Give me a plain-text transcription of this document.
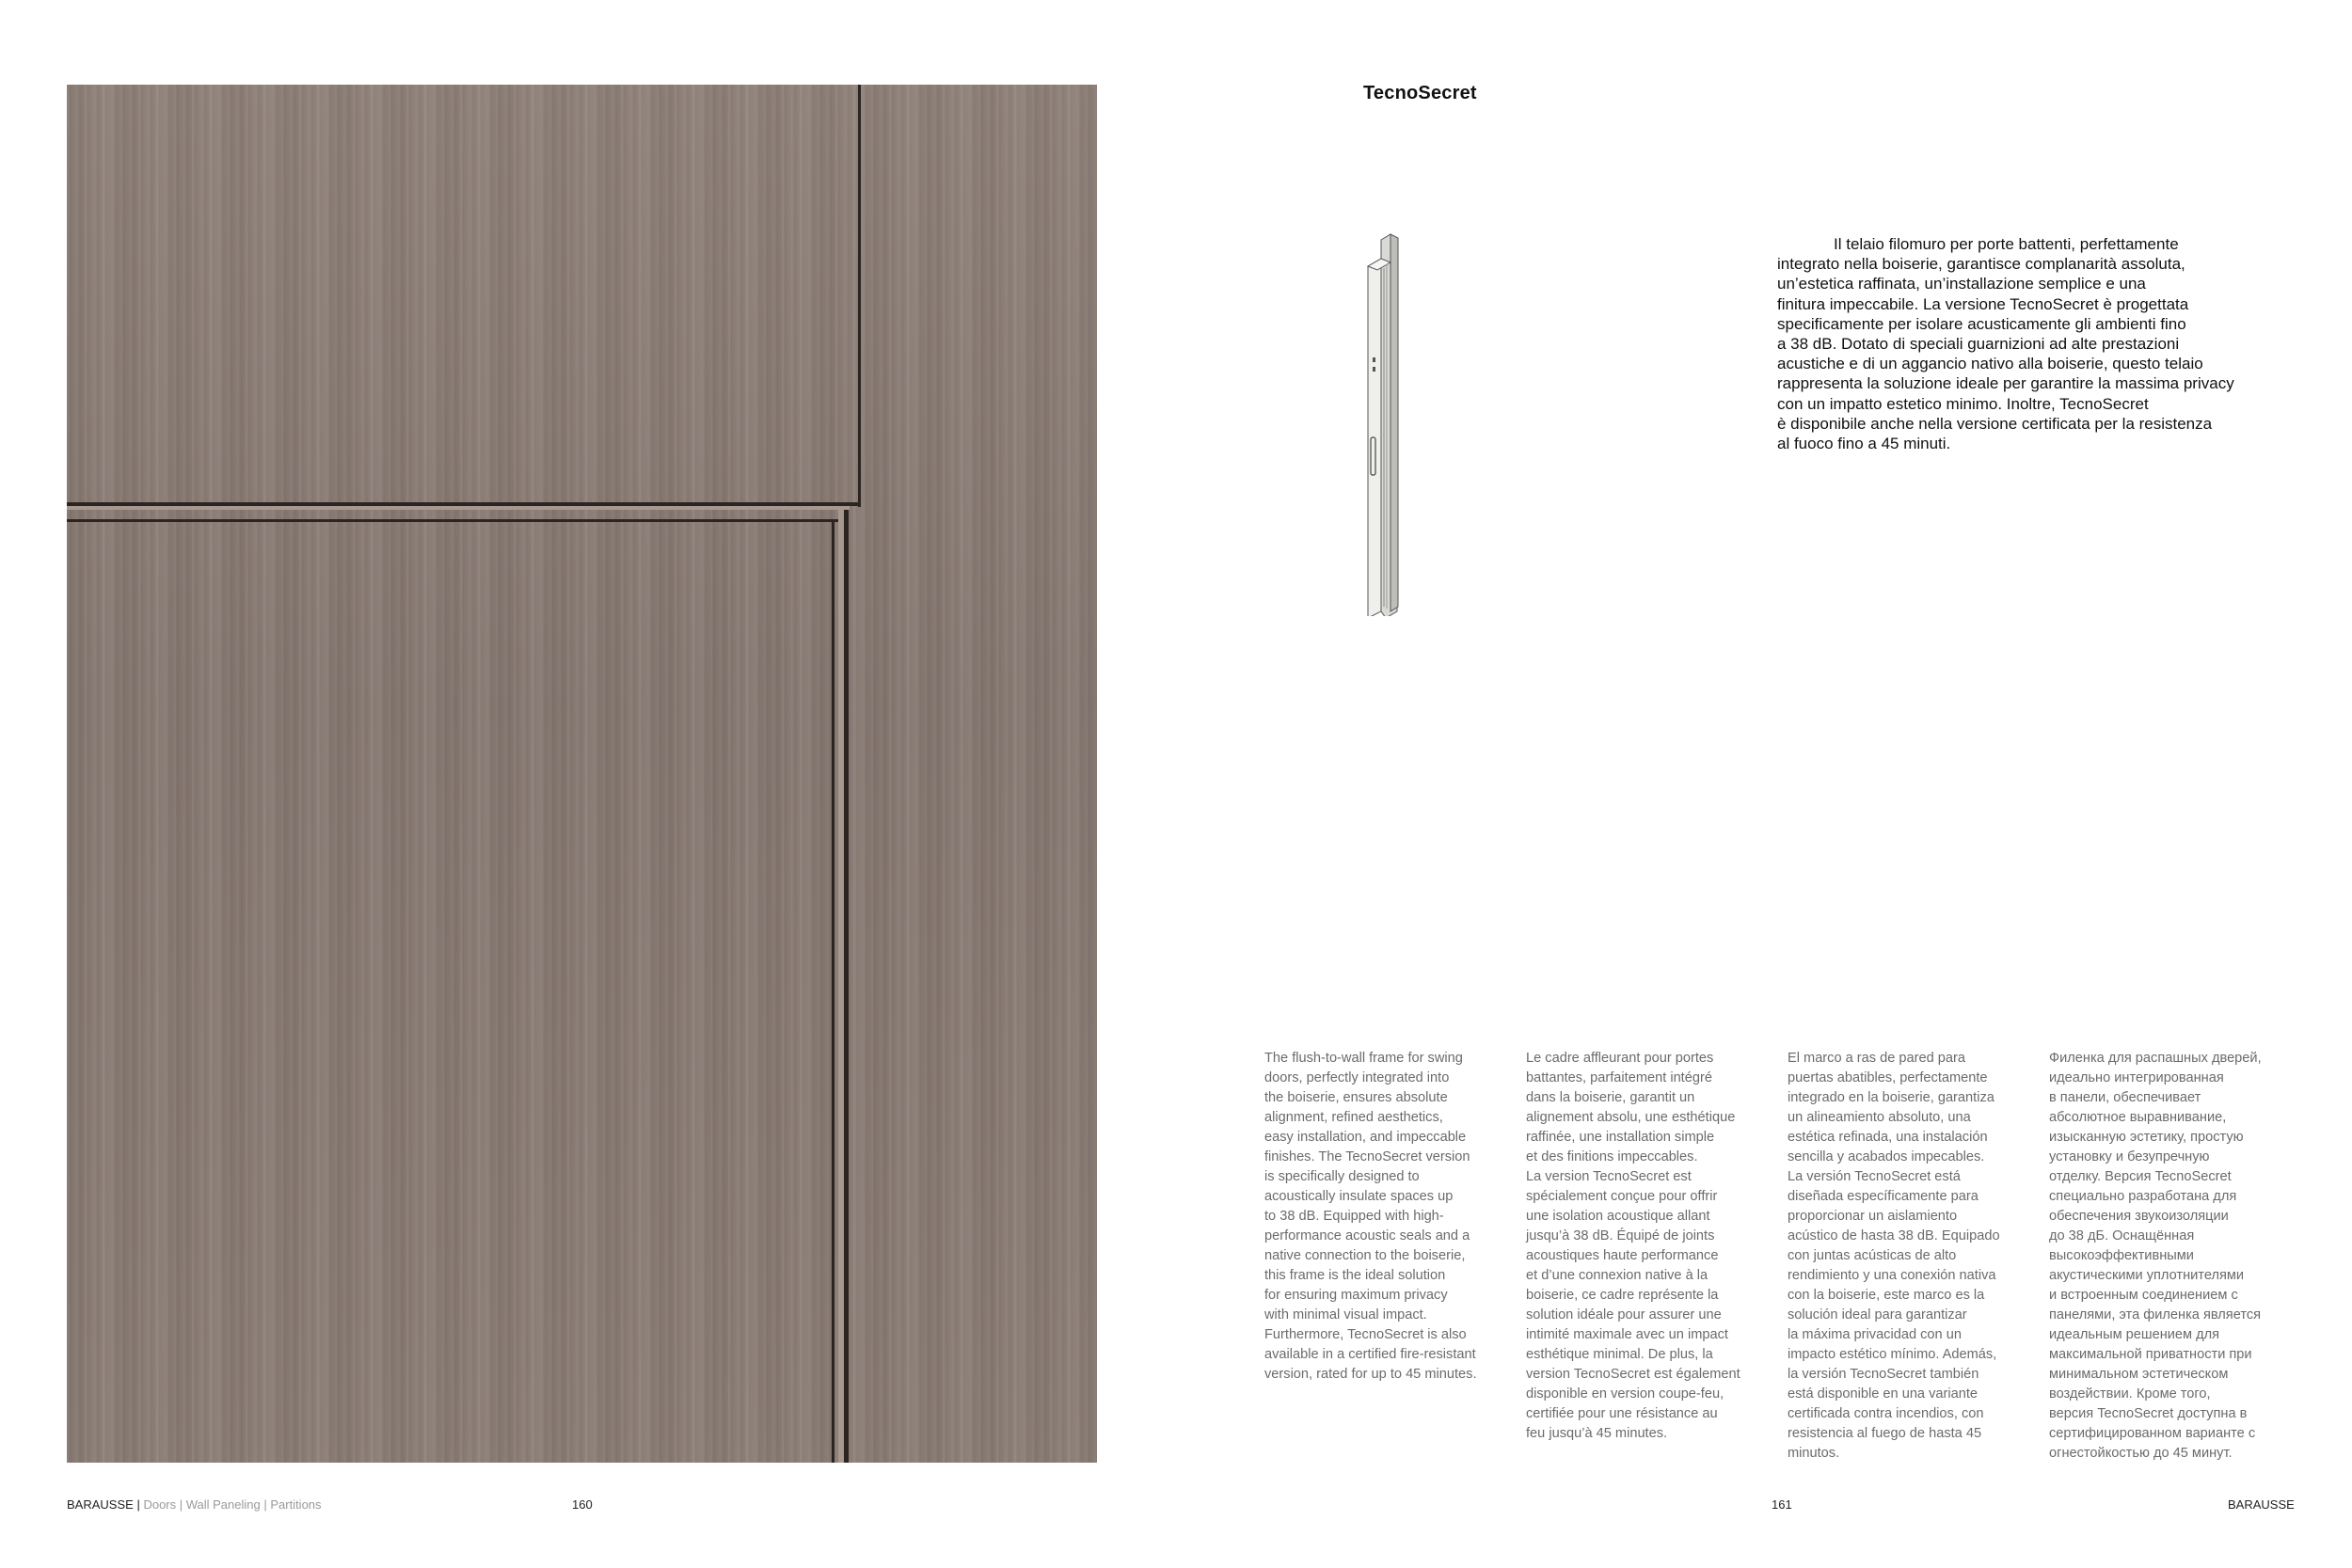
TecnoSecret

Il telaio filomuro per porte battenti, perfettamente
integrato nella boiserie, garantisce complanarità assoluta,
un’estetica raffinata, un’installazione semplice e una
finitura impeccabile. La versione TecnoSecret è progettata
specificamente per isolare acusticamente gli ambienti fino
a 38 dB. Dotato di speciali guarnizioni ad alte prestazioni
acustiche e di un aggancio nativo alla boiserie, questo telaio
rappresenta la soluzione ideale per garantire la massima privacy
con un impatto estetico minimo. Inoltre, TecnoSecret
è disponibile anche nella versione certificata per la resistenza
al fuoco fino a 45 minuti.

The flush-to-wall frame for swing
doors, perfectly integrated into
the boiserie, ensures absolute
alignment, refined aesthetics,
easy installation, and impeccable
finishes. The TecnoSecret version
is specifically designed to
acoustically insulate spaces up
to 38 dB. Equipped with high-
performance acoustic seals and a
native connection to the boiserie,
this frame is the ideal solution
for ensuring maximum privacy
with minimal visual impact.
Furthermore, TecnoSecret is also
available in a certified fire-resistant
version, rated for up to 45 minutes.

Le cadre affleurant pour portes
battantes, parfaitement intégré
dans la boiserie, garantit un
alignement absolu, une esthétique
raffinée, une installation simple
et des finitions impeccables.
La version TecnoSecret est
spécialement conçue pour offrir
une isolation acoustique allant
jusqu’à 38 dB. Équipé de joints
acoustiques haute performance
et d’une connexion native à la
boiserie, ce cadre représente la
solution idéale pour assurer une
intimité maximale avec un impact
esthétique minimal. De plus, la
version TecnoSecret est également
disponible en version coupe-feu,
certifiée pour une résistance au
feu jusqu’à 45 minutes.

El marco a ras de pared para
puertas abatibles, perfectamente
integrado en la boiserie, garantiza
un alineamiento absoluto, una
estética refinada, una instalación
sencilla y acabados impecables.
La versión TecnoSecret está
diseñada específicamente para
proporcionar un aislamiento
acústico de hasta 38 dB. Equipado
con juntas acústicas de alto
rendimiento y una conexión nativa
con la boiserie, este marco es la
solución ideal para garantizar
la máxima privacidad con un
impacto estético mínimo. Además,
la versión TecnoSecret también
está disponible en una variante
certificada contra incendios, con
resistencia al fuego de hasta 45
minutos.

Филенка для распашных дверей,
идеально интегрированная
в панели, обеспечивает
абсолютное выравнивание,
изысканную эстетику, простую
установку и безупречную
отделку. Версия TecnoSecret
специально разработана для
обеспечения звукоизоляции
до 38 дБ. Оснащённая
высокоэффективными
акустическими уплотнителями
и встроенным соединением с
панелями, эта филенка является
идеальным решением для
максимальной приватности при
минимальном эстетическом
воздействии. Кроме того,
версия TecnoSecret доступна в
сертифицированном варианте с
огнестойкостью до 45 минут.

BARAUSSE | Doors | Wall Paneling | Partitions	160	161	BARAUSSE
